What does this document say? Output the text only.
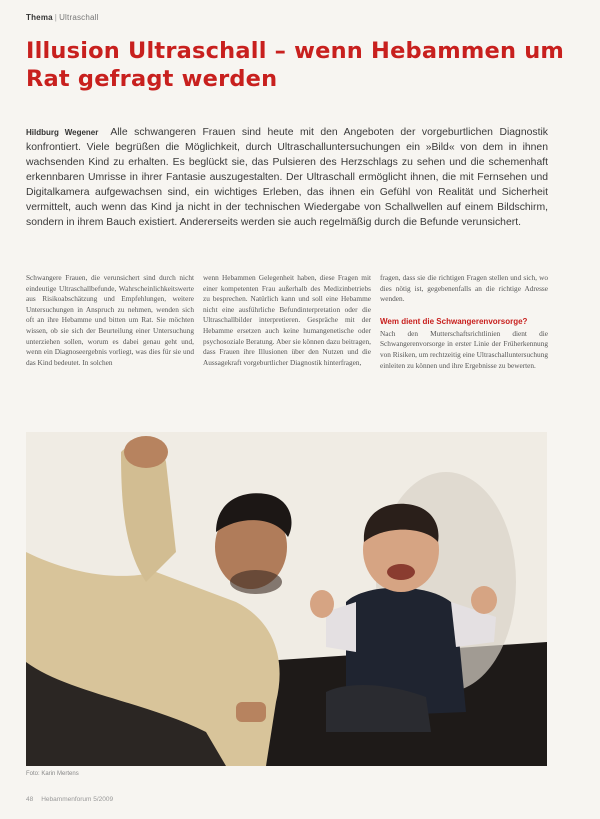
Thema | Ultraschall
Illusion Ultraschall – wenn Hebammen um Rat gefragt werden

Hildburg Wegener Alle schwangeren Frauen sind heute mit den Angeboten der vorgeburtlichen Diagnostik konfrontiert. Viele begrüßen die Möglichkeit, durch Ultraschalluntersuchungen ein »Bild« von dem in ihnen wachsenden Kind zu erhalten. Es beglückt sie, das Pulsieren des Herzschlags zu sehen und die schemenhaft erkennbaren Umrisse in ihrer Fantasie auszugestalten. Der Ultraschall ermöglicht ihnen, die mit Fernsehen und Digitalkamera aufgewachsen sind, ein wichtiges Erleben, das ihnen ein Gefühl von Realität und Sicherheit vermittelt, auch wenn das Kind ja nicht in der technischen Wiedergabe von Schallwellen auf einem Bildschirm, sondern in ihrem Bauch existiert. Andererseits werden sie auch regelmäßig durch die Befunde verunsichert.

Schwangere Frauen, die verunsichert sind durch nicht eindeutige Ultraschallbefunde, Wahrscheinlichkeitswerte aus Risikoabschätzung und Empfehlungen, weitere Untersuchungen in Anspruch zu nehmen, wenden sich oft an ihre Hebamme und bitten um Rat. Sie möchten wissen, ob sie sich der Beurteilung einer Untersuchung unterziehen sollen, worum es dabei genau geht und, wenn ein Diagnoseergebnis vorliegt, was dies für sie und das Kind bedeutet. In solchen

wenn Hebammen Gelegenheit haben, diese Fragen mit einer kompetenten Frau außerhalb des Medizinbetriebs zu besprechen. Natürlich kann und soll eine Hebamme nicht eine ausführliche Befundinterpretation oder die Ultraschallbilder interpretieren. Gespräche mit der Hebamme ersetzen auch keine humangenetische oder psychosoziale Beratung. Aber sie können dazu beitragen, dass Frauen ihre Illusionen über den Nutzen und die Aussagekraft vorgeburtlicher Diagnostik hinterfragen,

fragen, dass sie die richtigen Fragen stellen und sich, wo dies nötig ist, gegebenenfalls an die richtige Adresse wenden.

Wem dient die Schwangerenvorsorge?

Nach den Mutterschaftsrichtlinien dient die Schwangerenvorsorge in erster Linie der Früherkennung von Risiken, um rechtzeitig eine Ultraschalluntersuchung einleiten zu können und ihre Ergebnisse zu bewerten.

Foto: Karin Mertens
48 Hebammenforum 5/2009
